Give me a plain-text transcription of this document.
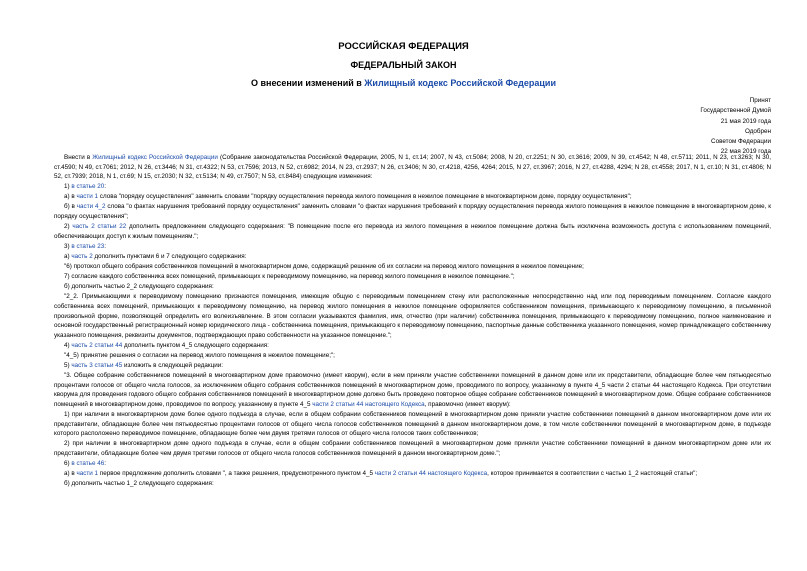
РОССИЙСКАЯ ФЕДЕРАЦИЯ
ФЕДЕРАЛЬНЫЙ ЗАКОН
О внесении изменений в Жилищный кодекс Российской Федерации
Принят
Государственной Думой
21 мая 2019 года
Одобрен
Советом Федерации
22 мая 2019 года

Внести в Жилищный кодекс Российской Федерации (Собрание законодательства Российской Федерации, 2005, N 1, ст.14; 2007, N 43, ст.5084; 2008, N 20, ст.2251; N 30, ст.3616; 2009, N 39, ст.4542; N 48, ст.5711; 2011, N 23, ст.3263; N 30, ст.4590; N 49, ст.7061; 2012, N 26, ст.3446; N 31, ст.4322; N 53, ст.7596; 2013, N 52, ст.6982; 2014, N 23, ст.2937; N 26, ст.3406; N 30, ст.4218, 4256, 4264; 2015, N 27, ст.3967; 2016, N 27, ст.4288, 4294; N 28, ст.4558; 2017, N 1, ст.10; N 31, ст.4806; N 52, ст.7939; 2018, N 1, ст.69; N 15, ст.2030; N 32, ст.5134; N 49, ст.7507; N 53, ст.8484) следующие изменения:

1) в статье 20:

а) в части 1 слова "порядку осуществления" заменить словами "порядку осуществления перевода жилого помещения в нежилое помещение в многоквартирном доме, порядку осуществления";

б) в части 4_2 слова "о фактах нарушения требований порядку осуществления" заменить словами "о фактах нарушения требований к порядку осуществления перевода жилого помещения в нежилое помещение в многоквартирном доме, к порядку осуществления";

2) часть 2 статьи 22 дополнить предложением следующего содержания: "В помещение после его перевода из жилого помещения в нежилое помещение должна быть исключена возможность доступа с использованием помещений, обеспечивающих доступ к жилым помещениям.";

3) в статье 23:

а) часть 2 дополнить пунктами 6 и 7 следующего содержания:

"6) протокол общего собрания собственников помещений в многоквартирном доме, содержащий решение об их согласии на перевод жилого помещения в нежилое помещение;

7) согласие каждого собственника всех помещений, примыкающих к переводимому помещению, на перевод жилого помещения в нежилое помещение.";

б) дополнить частью 2_2 следующего содержания:

"2_2. Примыкающими к переводимому помещению признаются помещения, имеющие общую с переводимым помещением стену или расположенные непосредственно над или под переводимым помещением. Согласие каждого собственника всех помещений, примыкающих к переводимому помещению, на перевод жилого помещения в нежилое помещение оформляется собственником помещения, примыкающего к переводимому помещению, в письменной произвольной форме, позволяющей определить его волеизъявление. В этом согласии указываются фамилия, имя, отчество (при наличии) собственника помещения, примыкающего к переводимому помещению, полное наименование и основной государственный регистрационный номер юридического лица - собственника помещения, примыкающего к переводимому помещению, паспортные данные собственника указанного помещения, номер принадлежащего собственнику указанного помещения, реквизиты документов, подтверждающих право собственности на указанное помещение.";

4) часть 2 статьи 44 дополнить пунктом 4_5 следующего содержания:

"4_5) принятие решения о согласии на перевод жилого помещения в нежилое помещение;";

5) часть 3 статьи 45 изложить в следующей редакции:

"3. Общее собрание собственников помещений в многоквартирном доме правомочно (имеет кворум), если в нем приняли участие собственники помещений в данном доме или их представители, обладающие более чем пятьюдесятью процентами голосов от общего числа голосов, за исключением общего собрания собственников помещений в многоквартирном доме, проводимого по вопросу, указанному в пункте 4_5 части 2 статьи 44 настоящего Кодекса. При отсутствии кворума для проведения годового общего собрания собственников помещений в многоквартирном доме должно быть проведено повторное общее собрание собственников помещений в многоквартирном доме. Общее собрание собственников помещений в многоквартирном доме, проводимое по вопросу, указанному в пункте 4_5 части 2 статьи 44 настоящего Кодекса, правомочно (имеет кворум):

1) при наличии в многоквартирном доме более одного подъезда в случае, если в общем собрании собственников помещений в многоквартирном доме приняли участие собственники помещений в данном многоквартирном доме или их представители, обладающие более чем пятьюдесятью процентами голосов от общего числа голосов собственников помещений в данном многоквартирном доме, в том числе собственники помещений в многоквартирном доме, в подъезде которого расположено переводимое помещение, обладающие более чем двумя третями голосов от общего числа голосов таких собственников;

2) при наличии в многоквартирном доме одного подъезда в случае, если в общем собрании собственников помещений в многоквартирном доме приняли участие собственники помещений в данном многоквартирном доме или их представители, обладающие более чем двумя третями голосов от общего числа голосов собственников помещений в данном многоквартирном доме.";

6) в статье 46:

а) в части 1 первое предложение дополнить словами ", а также решения, предусмотренного пунктом 4_5 части 2 статьи 44 настоящего Кодекса, которое принимается в соответствии с частью 1_2 настоящей статьи";

б) дополнить частью 1_2 следующего содержания:
